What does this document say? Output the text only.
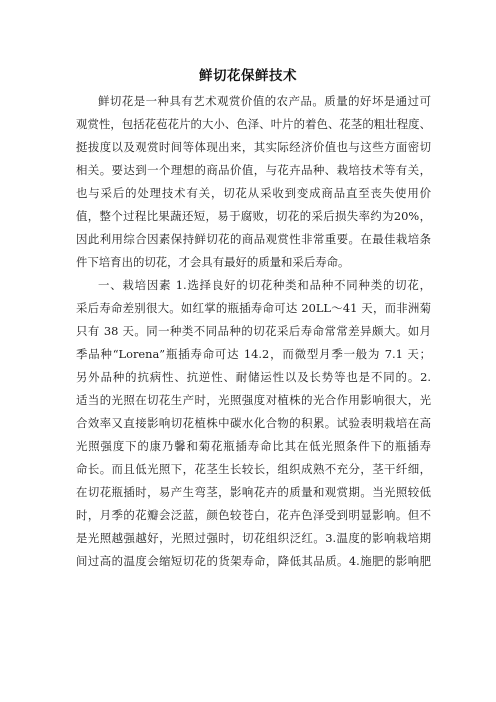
鲜切花保鲜技术
鲜切花是一种具有艺术观赏价值的农产品。质量的好坏是通过可
观赏性，包括花苞花片的大小、色泽、叶片的着色、花茎的粗壮程度、
挺拔度以及观赏时间等体现出来，其实际经济价值也与这些方面密切
相关。要达到一个理想的商品价值，与花卉品种、栽培技术等有关，
也与采后的处理技术有关，切花从采收到变成商品直至丧失使用价
值，整个过程比果蔬还短，易于腐败，切花的采后损失率约为20%，
因此利用综合因素保持鲜切花的商品观赏性非常重要。在最佳栽培条
件下培育出的切花，才会具有最好的质量和采后寿命。
一、栽培因素 1.选择良好的切花种类和品种不同种类的切花，
采后寿命差别很大。如红掌的瓶插寿命可达 20LL～41 天，而非洲菊
只有 38 天。同一种类不同品种的切花采后寿命常常差异颇大。如月
季品种“Lorena”瓶插寿命可达 14.2，而微型月季一般为 7.1 天；
另外品种的抗病性、抗逆性、耐储运性以及长势等也是不同的。2.
适当的光照在切花生产时，光照强度对植株的光合作用影响很大，光
合效率又直接影响切花植株中碳水化合物的积累。试验表明栽培在高
光照强度下的康乃馨和菊花瓶插寿命比其在低光照条件下的瓶插寿
命长。而且低光照下，花茎生长较长，组织成熟不充分，茎干纤细，
在切花瓶插时，易产生弯茎，影响花卉的质量和观赏期。当光照较低
时，月季的花瓣会泛蓝，颜色较苍白，花卉色泽受到明显影响。但不
是光照越强越好，光照过强时，切花组织泛红。3.温度的影响栽培期
间过高的温度会缩短切花的货架寿命，降低其品质。4.施肥的影响肥
